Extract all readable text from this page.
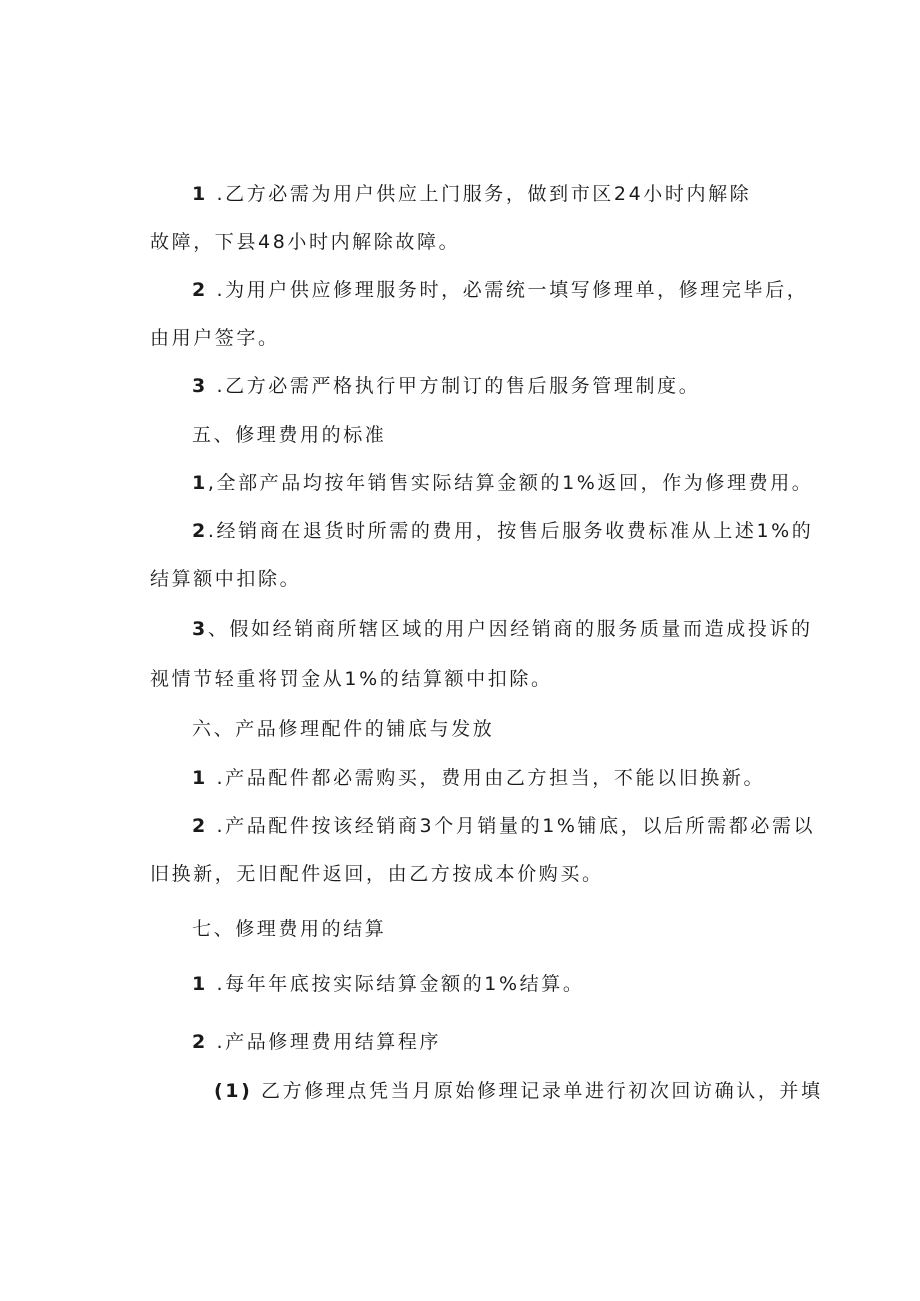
1 .乙方必需为用户供应上门服务，做到市区24小时内解除
故障，下县48小时内解除故障。
2 .为用户供应修理服务时，必需统一填写修理单，修理完毕后，
由用户签字。
3 .乙方必需严格执行甲方制订的售后服务管理制度。
五、修理费用的标准
1,全部产品均按年销售实际结算金额的1%返回，作为修理费用。
2.经销商在退货时所需的费用，按售后服务收费标准从上述1%的
结算额中扣除。
3、假如经销商所辖区域的用户因经销商的服务质量而造成投诉的
视情节轻重将罚金从1%的结算额中扣除。
六、产品修理配件的铺底与发放
1 .产品配件都必需购买，费用由乙方担当，不能以旧换新。
2 .产品配件按该经销商3个月销量的1%铺底，以后所需都必需以
旧换新，无旧配件返回，由乙方按成本价购买。
七、修理费用的结算
1 .每年年底按实际结算金额的1%结算。
2 .产品修理费用结算程序
(1) 乙方修理点凭当月原始修理记录单进行初次回访确认，并填
